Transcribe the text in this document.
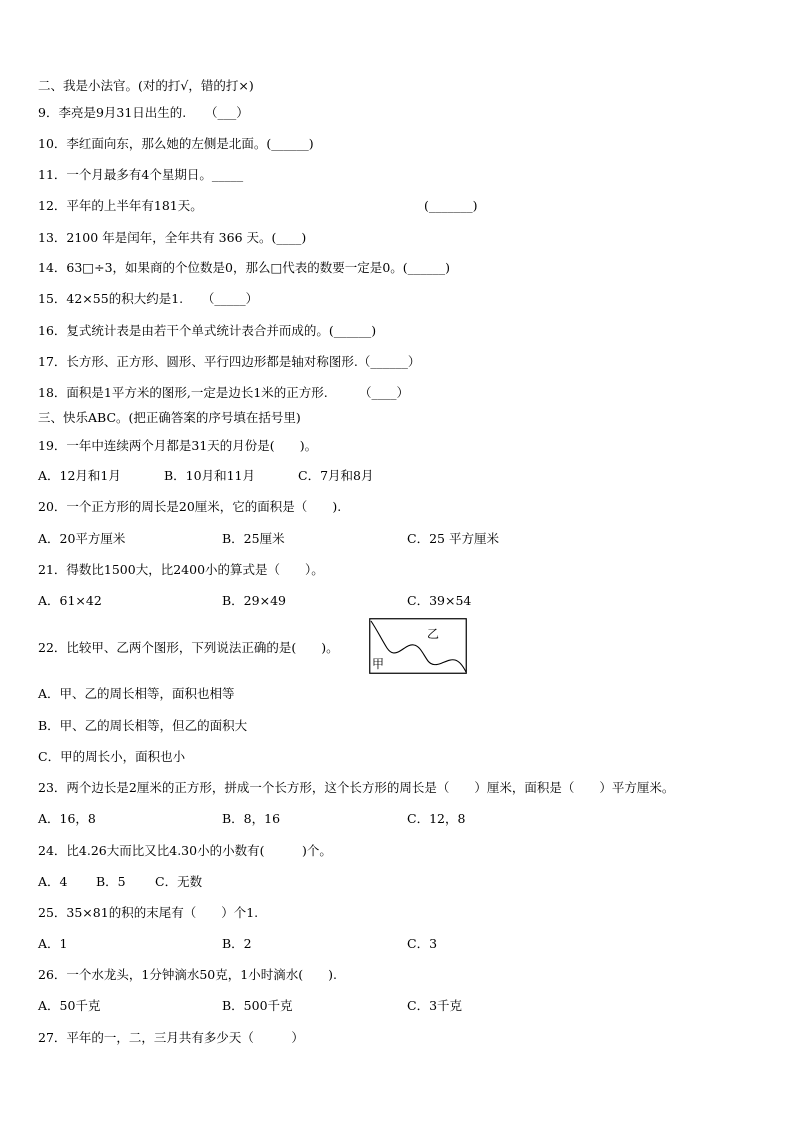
二、我是小法官。(对的打√，错的打×)
9．李亮是9月31日出生的.　　（___）
10．李红面向东，那么她的左侧是北面。(______)
11．一个月最多有4个星期日。_____
12．平年的上半年有181天。	(_______)
13．2100 年是闰年，全年共有 366 天。(____)
14．63□÷3，如果商的个位数是0，那么□代表的数要一定是0。(______)
15．42×55的积大约是1.　　（_____）
16．复式统计表是由若干个单式统计表合并而成的。(______)
17．长方形、正方形、圆形、平行四边形都是轴对称图形.（______）
18．面积是1平方米的图形,一定是边长1米的正方形.　　　（____）
三、快乐ABC。(把正确答案的序号填在括号里)
19．一年中连续两个月都是31天的月份是(　　)。
A．12月和1月	B．10月和11月	C．7月和8月
20．一个正方形的周长是20厘米，它的面积是（　　).
A．20平方厘米	B．25厘米	C．25 平方厘米
21．得数比1500大，比2400小的算式是（　　）。
A．61×42	B．29×49	C．39×54
22．比较甲、乙两个图形，下列说法正确的是(　　)。
乙
甲
A．甲、乙的周长相等，面积也相等
B．甲、乙的周长相等，但乙的面积大
C．甲的周长小，面积也小
23．两个边长是2厘米的正方形，拼成一个长方形，这个长方形的周长是（　　）厘米，面积是（　　）平方厘米。
A．16，8	B．8，16	C．12，8
24．比4.26大而比又比4.30小的小数有(　　　)个。
A．4 B．5 C．无数
25．35×81的积的末尾有（　　）个1.
A．1	B．2	C．3
26．一个水龙头，1分钟滴水50克，1小时滴水(　　).
A．50千克	B．500千克	C．3千克
27．平年的一，二，三月共有多少天（　　　）
